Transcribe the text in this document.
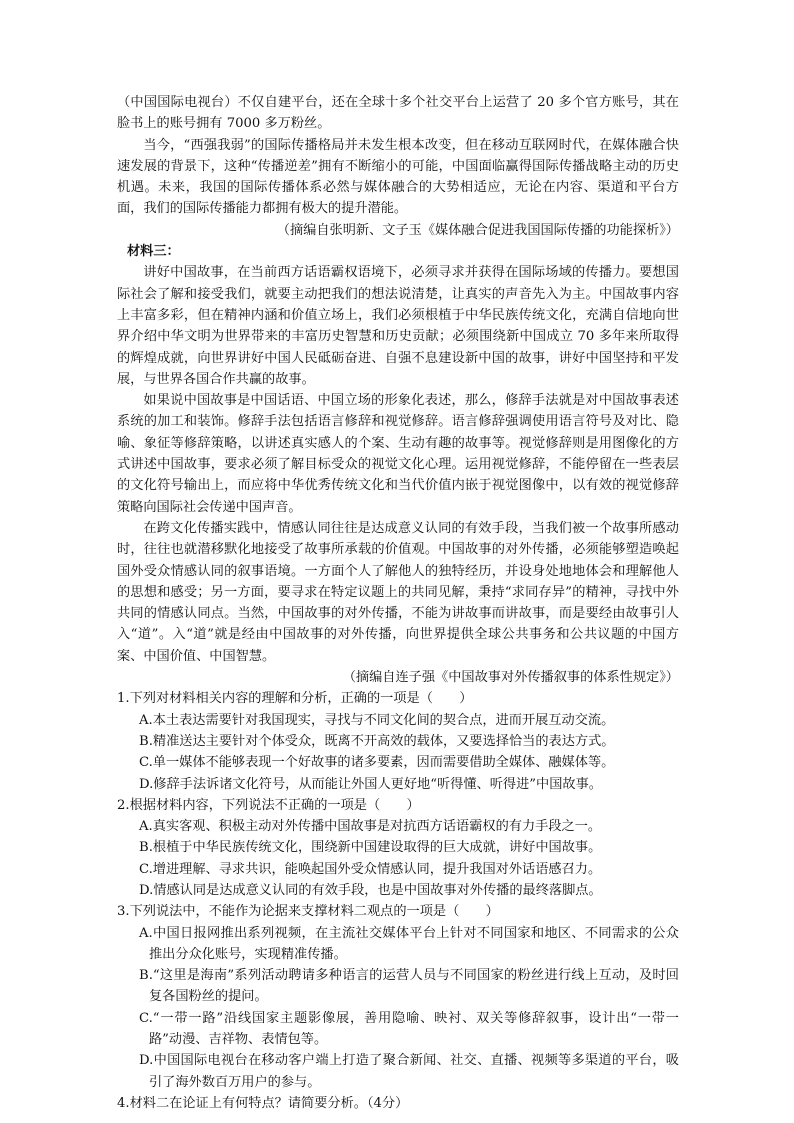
（中国国际电视台）不仅自建平台，还在全球十多个社交平台上运营了 20 多个官方账号，其在脸书上的账号拥有 7000 多万粉丝。

当今，“西强我弱”的国际传播格局并未发生根本改变，但在移动互联网时代，在媒体融合快速发展的背景下，这种“传播逆差”拥有不断缩小的可能，中国面临赢得国际传播战略主动的历史机遇。未来，我国的国际传播体系必然与媒体融合的大势相适应，无论在内容、渠道和平台方面，我们的国际传播能力都拥有极大的提升潜能。

（摘编自张明新、文子玉《媒体融合促进我国国际传播的功能探析》）

材料三：

讲好中国故事，在当前西方话语霸权语境下，必须寻求并获得在国际场域的传播力。要想国际社会了解和接受我们，就要主动把我们的想法说清楚，让真实的声音先入为主。中国故事内容上丰富多彩，但在精神内涵和价值立场上，我们必须根植于中华民族传统文化，充满自信地向世界介绍中华文明为世界带来的丰富历史智慧和历史贡献；必须围绕新中国成立 70 多年来所取得的辉煌成就，向世界讲好中国人民砥砺奋进、自强不息建设新中国的故事，讲好中国坚持和平发展，与世界各国合作共赢的故事。

如果说中国故事是中国话语、中国立场的形象化表述，那么，修辞手法就是对中国故事表述系统的加工和装饰。修辞手法包括语言修辞和视觉修辞。语言修辞强调使用语言符号及对比、隐喻、象征等修辞策略，以讲述真实感人的个案、生动有趣的故事等。视觉修辞则是用图像化的方式讲述中国故事，要求必须了解目标受众的视觉文化心理。运用视觉修辞，不能停留在一些表层的文化符号输出上，而应将中华优秀传统文化和当代价值内嵌于视觉图像中，以有效的视觉修辞策略向国际社会传递中国声音。

在跨文化传播实践中，情感认同往往是达成意义认同的有效手段，当我们被一个故事所感动时，往往也就潜移默化地接受了故事所承载的价值观。中国故事的对外传播，必须能够塑造唤起国外受众情感认同的叙事语境。一方面个人了解他人的独特经历，并设身处地地体会和理解他人的思想和感受；另一方面，要寻求在特定议题上的共同见解，秉持“求同存异”的精神，寻找中外共同的情感认同点。当然，中国故事的对外传播，不能为讲故事而讲故事，而是要经由故事引人入“道”。入“道”就是经由中国故事的对外传播，向世界提供全球公共事务和公共议题的中国方案、中国价值、中国智慧。

（摘编自连子强《中国故事对外传播叙事的体系性规定》）

1.下列对材料相关内容的理解和分析，正确的一项是（　　）

A.本土表达需要针对我国现实，寻找与不同文化间的契合点，进而开展互动交流。

B.精准送达主要针对个体受众，既离不开高效的载体，又要选择恰当的表达方式。

C.单一媒体不能够表现一个好故事的诸多要素，因而需要借助全媒体、融媒体等。

D.修辞手法诉诸文化符号，从而能让外国人更好地“听得懂、听得进”中国故事。

2.根据材料内容，下列说法不正确的一项是（　　）

A.真实客观、积极主动对外传播中国故事是对抗西方话语霸权的有力手段之一。

B.根植于中华民族传统文化，围绕新中国建设取得的巨大成就，讲好中国故事。

C.增进理解、寻求共识，能唤起国外受众情感认同，提升我国对外话语感召力。

D.情感认同是达成意义认同的有效手段，也是中国故事对外传播的最终落脚点。

3.下列说法中，不能作为论据来支撑材料二观点的一项是（　　）

A.中国日报网推出系列视频，在主流社交媒体平台上针对不同国家和地区、不同需求的公众推出分众化账号，实现精准传播。

B.“这里是海南”系列活动聘请多种语言的运营人员与不同国家的粉丝进行线上互动，及时回复各国粉丝的提问。

C.“一带一路”沿线国家主题影像展，善用隐喻、映衬、双关等修辞叙事，设计出“一带一路”动漫、吉祥物、表情包等。

D.中国国际电视台在移动客户端上打造了聚合新闻、社交、直播、视频等多渠道的平台，吸引了海外数百万用户的参与。

4.材料二在论证上有何特点？请简要分析。（4分）
